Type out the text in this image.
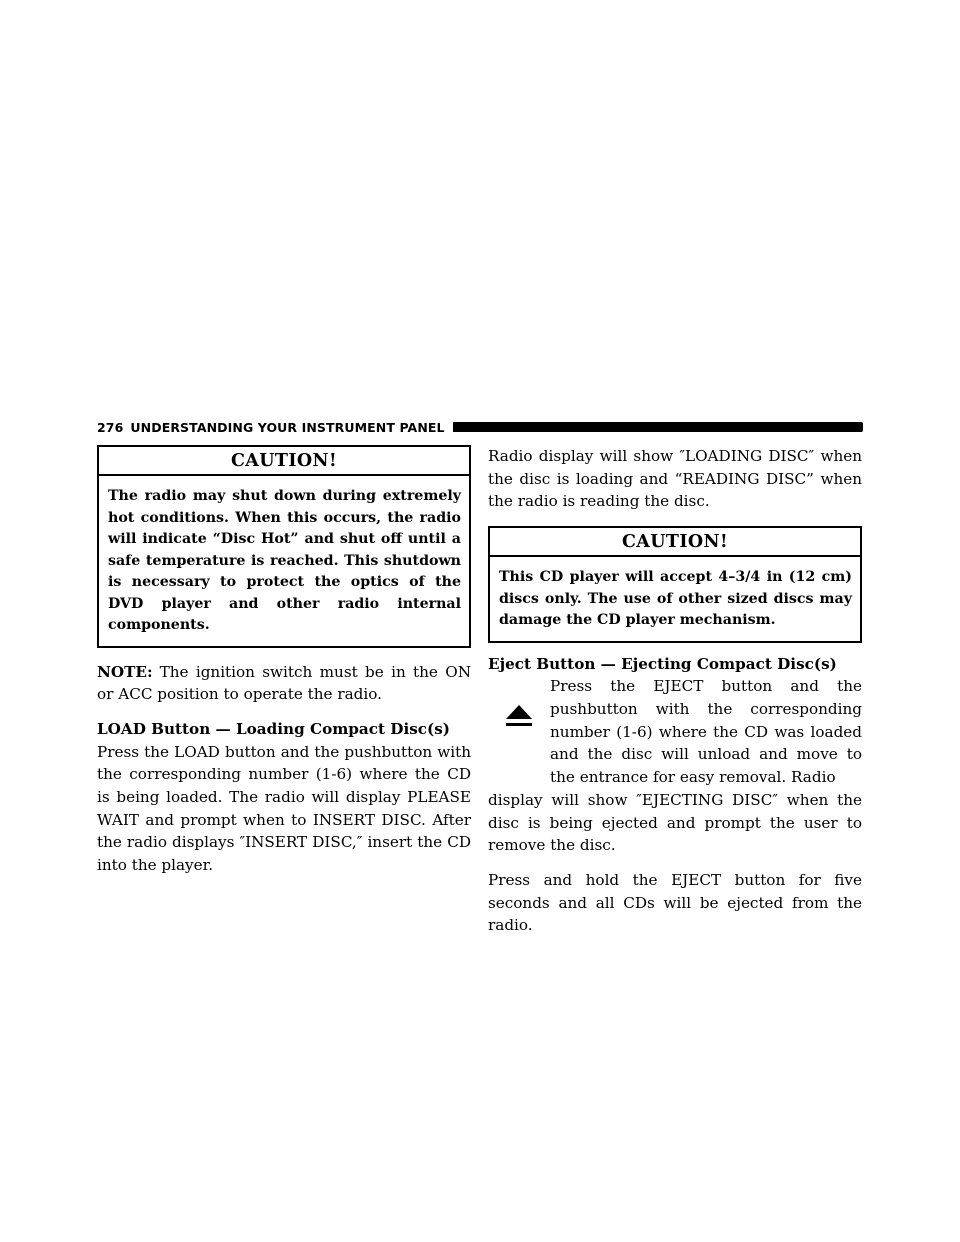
276 UNDERSTANDING YOUR INSTRUMENT PANEL
CAUTION!
The radio may shut down during extremely hot conditions. When this occurs, the radio will indicate “Disc Hot” and shut off until a safe temperature is reached. This shutdown is necessary to protect the optics of the DVD player and other radio internal components.

NOTE: The ignition switch must be in the ON or ACC position to operate the radio.

LOAD Button — Loading Compact Disc(s)

Press the LOAD button and the pushbutton with the corresponding number (1-6) where the CD is being loaded. The radio will display PLEASE WAIT and prompt when to INSERT DISC. After the radio displays ″INSERT DISC,″ insert the CD into the player.

Radio display will show ″LOADING DISC″ when the disc is loading and “READING DISC” when the radio is reading the disc.

CAUTION!
This CD player will accept 4–3/4 in (12 cm) discs only. The use of other sized discs may damage the CD player mechanism.
Eject Button — Ejecting Compact Disc(s)

Press the EJECT button and the pushbutton with the corresponding number (1-6) where the CD was loaded and the disc will unload and move to the entrance for easy removal. Radio

display will show ″EJECTING DISC″ when the disc is being ejected and prompt the user to remove the disc.

Press and hold the EJECT button for five seconds and all CDs will be ejected from the radio.
